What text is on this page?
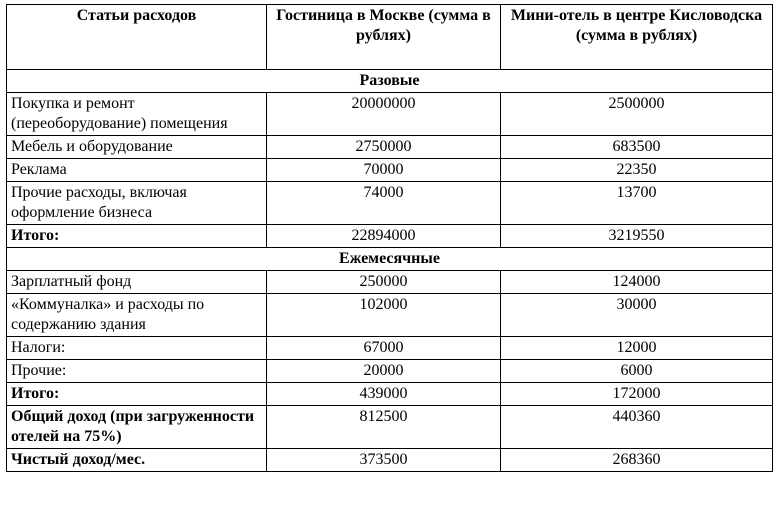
Статьи расходов	Гостиница в Москве (сумма в рублях)	Мини-отель в центре Кисловодска (сумма в рублях)
Разовые		
Покупка и ремонт (переоборудование) помещения	20000000	2500000
Мебель и оборудование	2750000	683500
Реклама	70000	22350
Прочие расходы, включая оформление бизнеса	74000	13700
Итого:	22894000	3219550
Ежемесячные		
Зарплатный фонд	250000	124000
«Коммуналка» и расходы по содержанию здания	102000	30000
Налоги:	67000	12000
Прочие:	20000	6000
Итого:	439000	172000
Общий доход (при загруженности отелей на 75%)	812500	440360
Чистый доход/мес.	373500	268360
